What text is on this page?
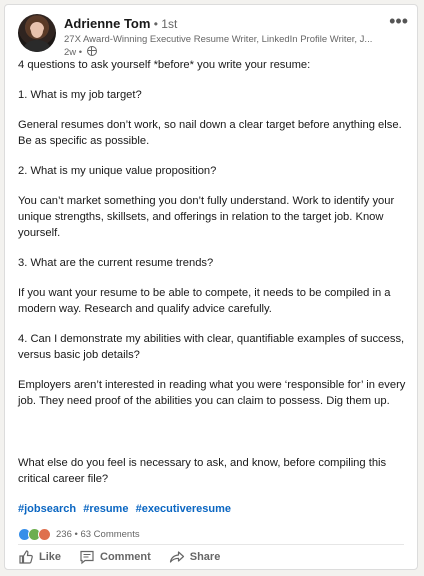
Adrienne Tom • 1st
27X Award-Winning Executive Resume Writer, LinkedIn Profile Writer, J...
2w •
•••

4 questions to ask yourself *before* you write your resume:

1. What is my job target?

General resumes don’t work, so nail down a clear target before anything else. Be as specific as possible.

2. What is my unique value proposition?

You can’t market something you don’t fully understand. Work to identify your unique strengths, skillsets, and offerings in relation to the target job. Know yourself.

3. What are the current resume trends?

If you want your resume to be able to compete, it needs to be compiled in a modern way. Research and qualify advice carefully.

4. Can I demonstrate my abilities with clear, quantifiable examples of success, versus basic job details?

Employers aren’t interested in reading what you were ‘responsible for’ in every job. They need proof of the abilities you can claim to possess. Dig them up.

What else do you feel is necessary to ask, and know, before compiling this critical career file?

#jobsearch #resume #executiveresume
236
• 63 Comments
Like	Comment	Share
